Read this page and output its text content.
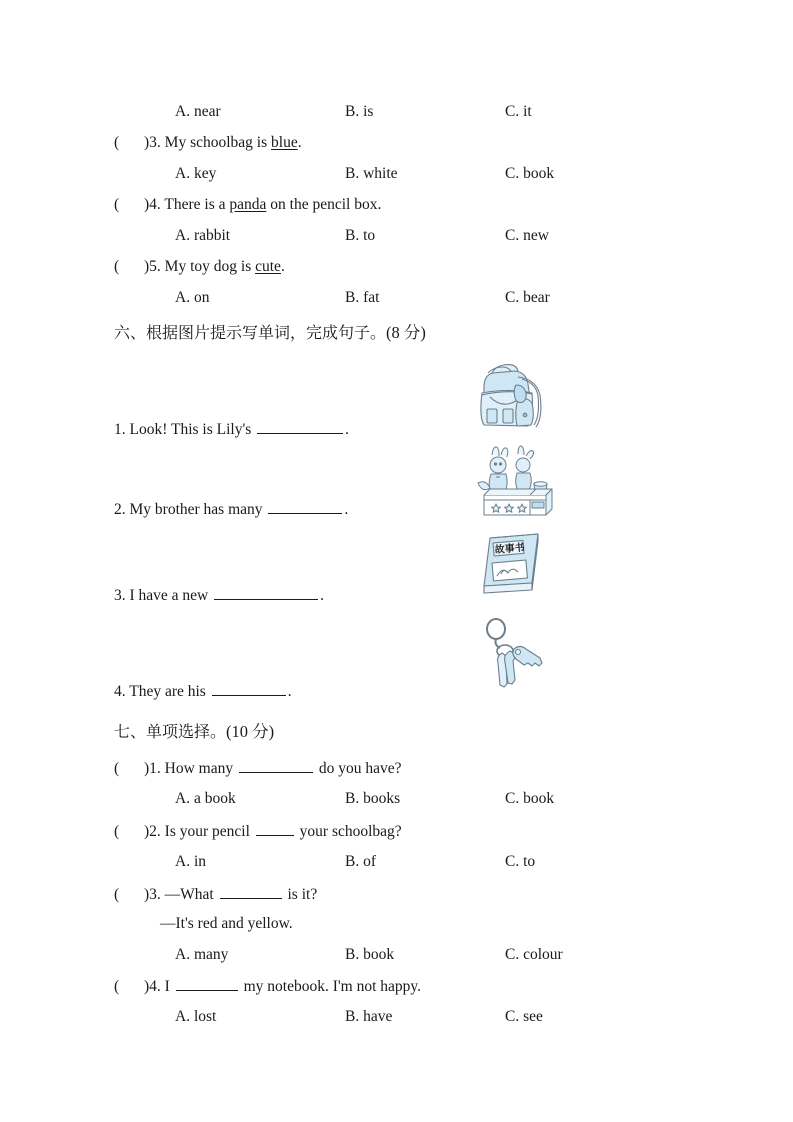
A. near	B. is	C. it
( )3. My schoolbag is blue.
A. key	B. white	C. book
( )4. There is a panda on the pencil box.
A. rabbit	B. to	C. new
( )5. My toy dog is cute.
A. on	B. fat	C. bear
六、根据图片提示写单词，完成句子。(8 分)
故事书
1. Look! This is Lily's	.
2. My brother has many	.
3. I have a new	.
4. They are his	.
七、单项选择。(10 分)
( )1. How many	do you have?
A. a book	B. books	C. book
( )2. Is your pencil	your schoolbag?
A. in	B. of	C. to
( )3. —What	is it?
—It's red and yellow.
A. many	B. book	C. colour
( )4. I	my notebook. I'm not happy.
A. lost	B. have	C. see
